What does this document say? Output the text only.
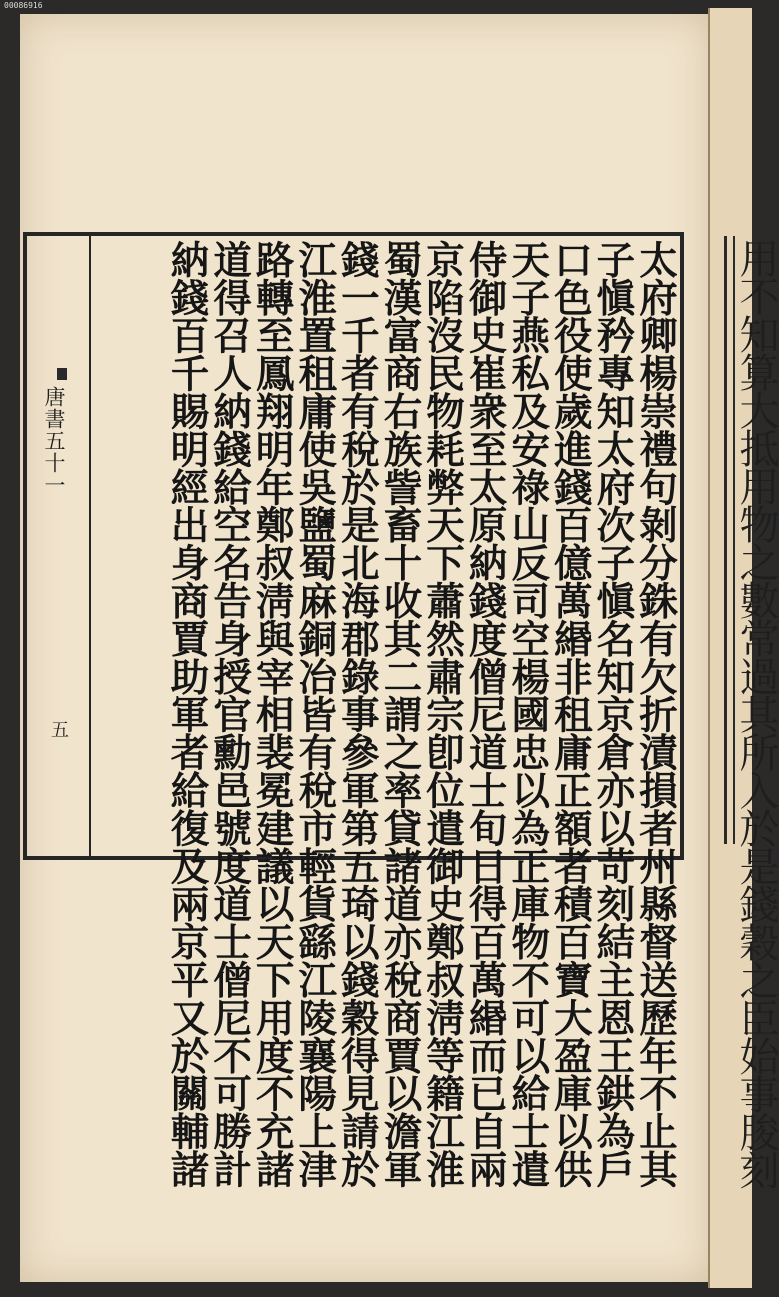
00086916
用不知算大抵用物之數常過其所入於是錢穀之臣始事朘刻
唐書五十一
五	太府卿楊崇禮句剝分銖有欠折漬損者州縣督送歷年不止其

子愼矜專知太府次子愼名知京倉亦以苛刻結主恩王鉷為戶

口色役使歲進錢百億萬緡非租庸正額者積百寶大盈庫以供

天子燕私及安祿山反司空楊國忠以為正庫物不可以給士遣

侍御史崔衆至太原納錢度僧尼道士旬日得百萬緡而已自兩

京陷沒民物耗弊天下蕭然肅宗卽位遣御史鄭叔淸等籍江淮

蜀漢富商右族訾畜十收其二謂之率貸諸道亦稅商賈以澹軍

錢一千者有稅於是北海郡錄事參軍第五琦以錢穀得見請於

江淮置租庸使吳鹽蜀麻銅冶皆有稅市輕貨繇江陵襄陽上津

路轉至鳳翔明年鄭叔淸與宰相裴冕建議以天下用度不充諸

道得召人納錢給空名告身授官勳邑號度道士僧尼不可勝計

納錢百千賜明經出身商賈助軍者給復及兩京平又於關輔諸
